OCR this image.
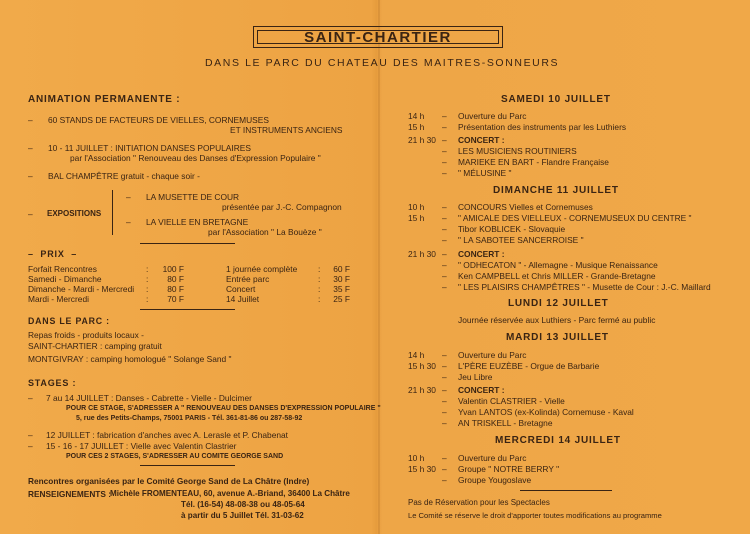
SAINT-CHARTIER
DANS LE PARC DU CHATEAU DES MAITRES-SONNEURS
ANIMATION PERMANENTE :
– 60 STANDS DE FACTEURS DE VIELLES, CORNEMUSES
ET INSTRUMENTS ANCIENS
– 10 - 11 JUILLET : INITIATION DANSES POPULAIRES
par l'Association " Renouveau des Danses d'Expression Populaire "
– BAL CHAMPÊTRE gratuit - chaque soir -
– EXPOSITIONS
– LA MUSETTE DE COUR
présentée par J.-C. Compagnon
– LA VIELLE EN BRETAGNE
par l'Association " La Bouèze "
–  PRIX  –
Forfait Rencontres	:	100 F
Samedi - Dimanche	:	80 F
Dimanche - Mardi - Mercredi :	80 F
Mardi - Mercredi	:	70 F
1 journée complète :	60 F
Entrée parc	:	30 F
Concert	:	35 F
14 Juillet	:	25 F
DANS LE PARC :
Repas froids - produits locaux -
SAINT-CHARTIER : camping gratuit
MONTGIVRAY : camping homologué " Solange Sand "
STAGES :
– 7 au 14 JUILLET : Danses - Cabrette - Vielle - Dulcimer
POUR CE STAGE, S'ADRESSER A " RENOUVEAU DES DANSES D'EXPRESSION POPULAIRE "
5, rue des Petits-Champs, 75001 PARIS - Tél. 361-81-86 ou 287-58-92
– 12 JUILLET : fabrication d'anches avec A. Lerasle et P. Chabenat
– 15 - 16 - 17 JUILLET : Vielle avec Valentin Clastrier
POUR CES 2 STAGES, S'ADRESSER AU COMITE GEORGE SAND
Rencontres organisées par le Comité George Sand de La Châtre (Indre)
RENSEIGNEMENTS : Michèle FROMENTEAU, 60, avenue A.-Briand, 36400 La Châtre
Tél. (16-54) 48-08-38 ou 48-05-64
à partir du 5 Juillet Tél. 31-03-62
SAMEDI 10 JUILLET
14 h – Ouverture du Parc
15 h – Présentation des instruments par les Luthiers
21 h 30 – CONCERT :
– LES MUSICIENS ROUTINIERS
– MARIEKE EN BART - Flandre Française
– " MÉLUSINE "
DIMANCHE 11 JUILLET
10 h – CONCOURS Vielles et Cornemuses
15 h – " AMICALE DES VIELLEUX - CORNEMUSEUX DU CENTRE "
– Tibor KOBLICEK - Slovaquie
– " LA SABOTEE SANCERROISE "
21 h 30 – CONCERT :
– " ODHECATON " - Allemagne - Musique Renaissance
– Ken CAMPBELL et Chris MILLER - Grande-Bretagne
– " LES PLAISIRS CHAMPÊTRES " - Musette de Cour : J.-C. Maillard
LUNDI 12 JUILLET
Journée réservée aux Luthiers - Parc fermé au public
MARDI 13 JUILLET
14 h – Ouverture du Parc
15 h 30 – L'PÈRE EUZÈBE - Orgue de Barbarie
– Jeu Libre
21 h 30 – CONCERT :
– Valentin CLASTRIER - Vielle
– Yvan LANTOS (ex-Kolinda) Cornemuse - Kaval
– AN TRISKELL - Bretagne
MERCREDI 14 JUILLET
10 h – Ouverture du Parc
15 h 30 – Groupe " NOTRE BERRY "
– Groupe Yougoslave
Pas de Réservation pour les Spectacles
Le Comité se réserve le droit d'apporter toutes modifications au programme
